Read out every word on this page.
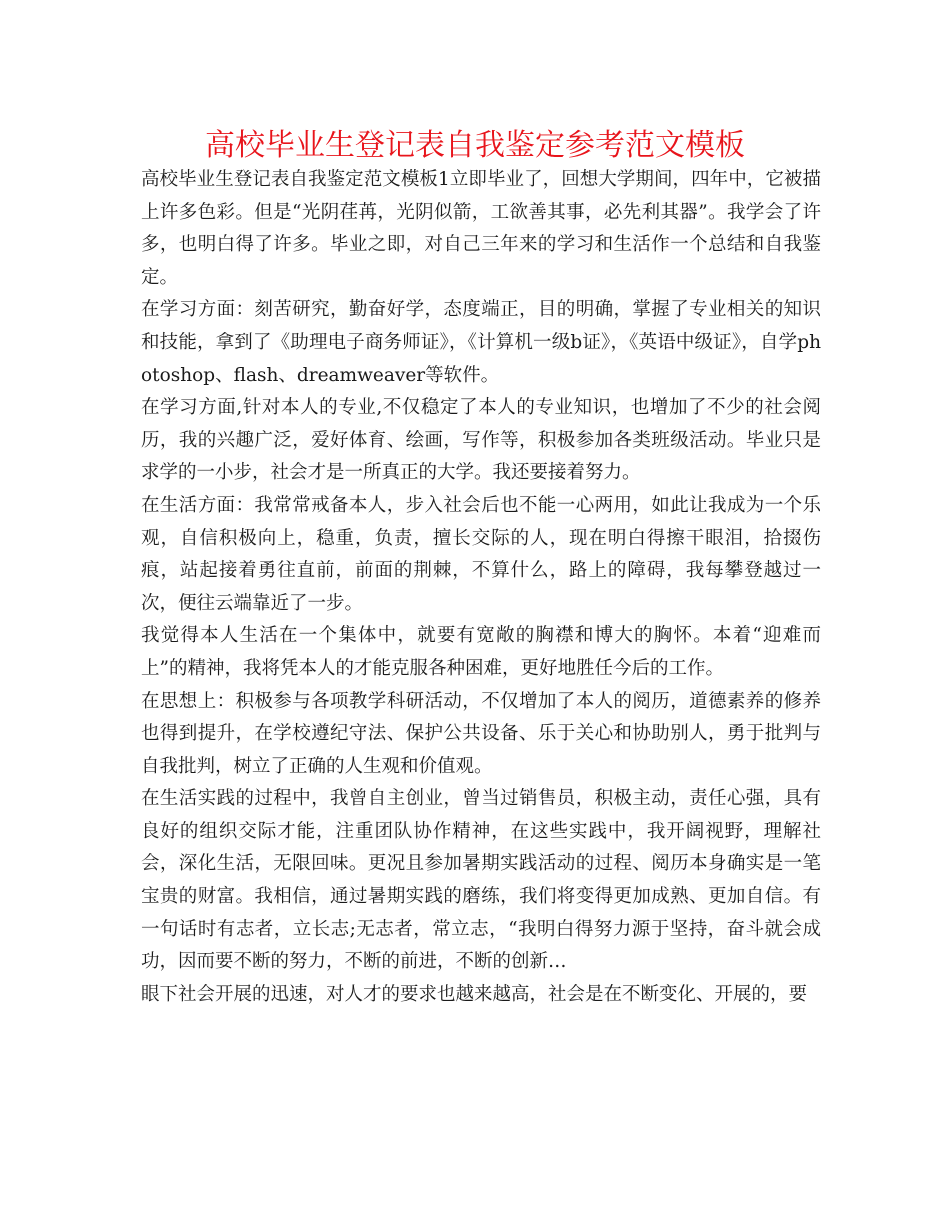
高校毕业生登记表自我鉴定参考范文模板

高校毕业生登记表自我鉴定范文模板1立即毕业了，回想大学期间，四年中，它被描上许多色彩。但是“光阴荏苒，光阴似箭，工欲善其事，必先利其器”。我学会了许多，也明白得了许多。毕业之即，对自己三年来的学习和生活作一个总结和自我鉴定。

在学习方面：刻苦研究，勤奋好学，态度端正，目的明确，掌握了专业相关的知识和技能，拿到了《助理电子商务师证》，《计算机一级b证》，《英语中级证》，自学photoshop、flash、dreamweaver等软件。

在学习方面,针对本人的专业,不仅稳定了本人的专业知识，也增加了不少的社会阅历，我的兴趣广泛，爱好体育、绘画，写作等，积极参加各类班级活动。毕业只是求学的一小步，社会才是一所真正的大学。我还要接着努力。

在生活方面：我常常戒备本人，步入社会后也不能一心两用，如此让我成为一个乐观，自信积极向上，稳重，负责，擅长交际的人，现在明白得擦干眼泪，拾掇伤痕，站起接着勇往直前，前面的荆棘，不算什么，路上的障碍，我每攀登越过一次，便往云端靠近了一步。

我觉得本人生活在一个集体中，就要有宽敞的胸襟和博大的胸怀。本着“迎难而上”的精神，我将凭本人的才能克服各种困难，更好地胜任今后的工作。

在思想上：积极参与各项教学科研活动，不仅增加了本人的阅历，道德素养的修养也得到提升，在学校遵纪守法、保护公共设备、乐于关心和协助别人，勇于批判与自我批判，树立了正确的人生观和价值观。

在生活实践的过程中，我曾自主创业，曾当过销售员，积极主动，责任心强，具有良好的组织交际才能，注重团队协作精神，在这些实践中，我开阔视野，理解社会，深化生活，无限回味。更况且参加暑期实践活动的过程、阅历本身确实是一笔宝贵的财富。我相信，通过暑期实践的磨练，我们将变得更加成熟、更加自信。有一句话时有志者，立长志;无志者，常立志，“我明白得努力源于坚持，奋斗就会成功，因而要不断的努力，不断的前进，不断的创新…

眼下社会开展的迅速，对人才的要求也越来越高，社会是在不断变化、开展的，要
